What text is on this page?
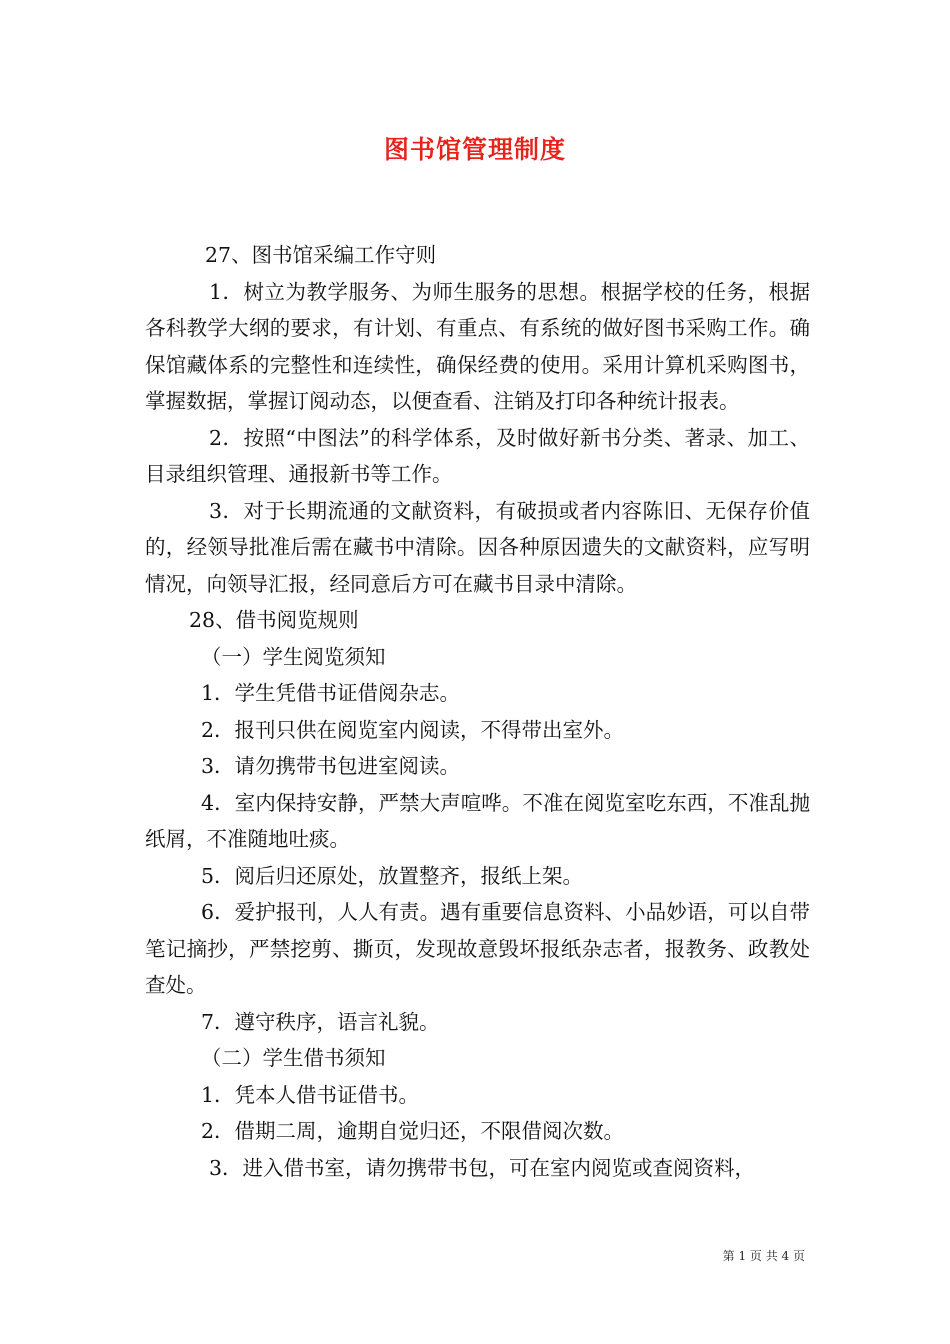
图书馆管理制度

27、图书馆采编工作守则

1．树立为教学服务、为师生服务的思想。根据学校的任务，根据各科教学大纲的要求，有计划、有重点、有系统的做好图书采购工作。确保馆藏体系的完整性和连续性，确保经费的使用。采用计算机采购图书，掌握数据，掌握订阅动态，以便查看、注销及打印各种统计报表。

2．按照“中图法”的科学体系，及时做好新书分类、著录、加工、目录组织管理、通报新书等工作。

3．对于长期流通的文献资料，有破损或者内容陈旧、无保存价值的，经领导批准后需在藏书中清除。因各种原因遗失的文献资料，应写明情况，向领导汇报，经同意后方可在藏书目录中清除。

28、借书阅览规则

（一）学生阅览须知

1．学生凭借书证借阅杂志。

2．报刊只供在阅览室内阅读，不得带出室外。

3．请勿携带书包进室阅读。

4．室内保持安静，严禁大声喧哗。不准在阅览室吃东西，不准乱抛纸屑，不准随地吐痰。

5．阅后归还原处，放置整齐，报纸上架。

6．爱护报刊，人人有责。遇有重要信息资料、小品妙语，可以自带笔记摘抄，严禁挖剪、撕页，发现故意毁坏报纸杂志者，报教务、政教处查处。

7．遵守秩序，语言礼貌。

（二）学生借书须知

1．凭本人借书证借书。

2．借期二周，逾期自觉归还，不限借阅次数。

3．进入借书室，请勿携带书包，可在室内阅览或查阅资料，

第 1 页 共 4 页
